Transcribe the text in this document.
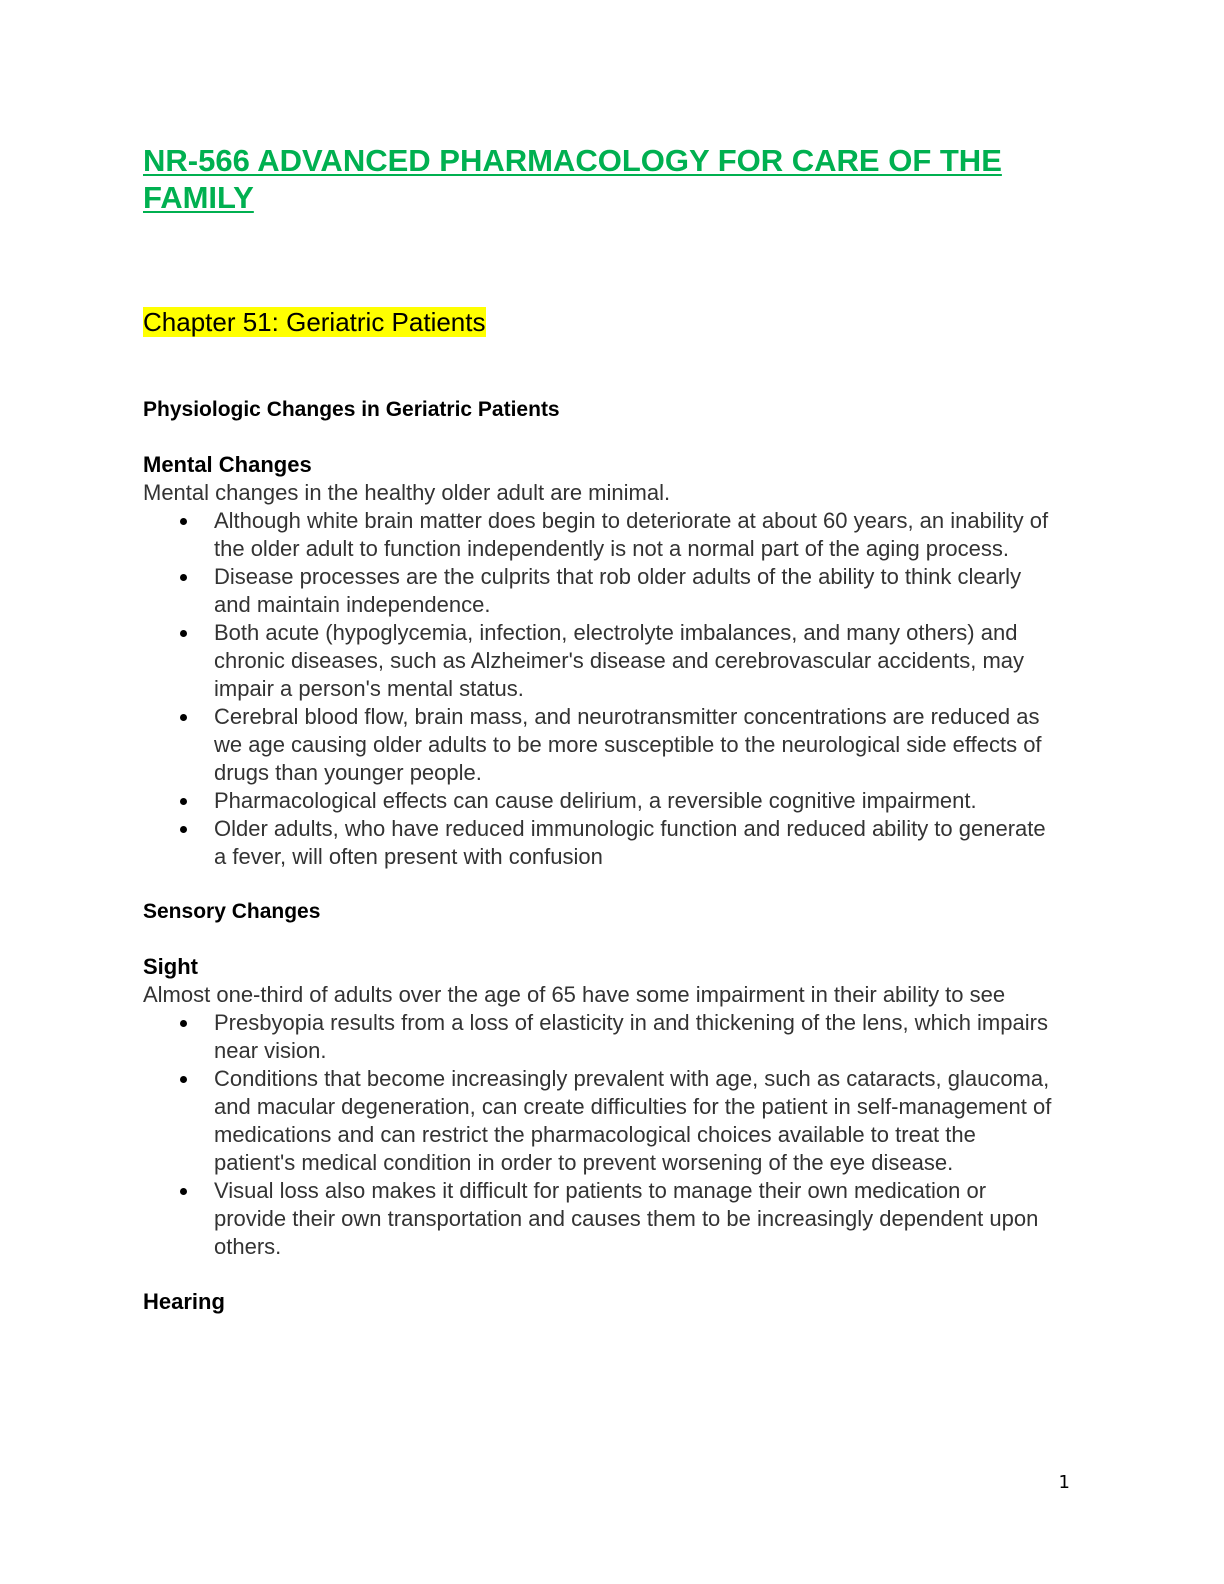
NR-566 ADVANCED PHARMACOLOGY FOR CARE OF THE FAMILY
Chapter 51: Geriatric Patients
Physiologic Changes in Geriatric Patients
Mental Changes

Mental changes in the healthy older adult are minimal.

Although white brain matter does begin to deteriorate at about 60 years, an inability of the older adult to function independently is not a normal part of the aging process.
Disease processes are the culprits that rob older adults of the ability to think clearly and maintain independence.
Both acute (hypoglycemia, infection, electrolyte imbalances, and many others) and chronic diseases, such as Alzheimer's disease and cerebrovascular accidents, may impair a person's mental status.
Cerebral blood flow, brain mass, and neurotransmitter concentrations are reduced as we age causing older adults to be more susceptible to the neurological side effects of drugs than younger people.
Pharmacological effects can cause delirium, a reversible cognitive impairment.
Older adults, who have reduced immunologic function and reduced ability to generate a fever, will often present with confusion
Sensory Changes
Sight

Almost one-third of adults over the age of 65 have some impairment in their ability to see

Presbyopia results from a loss of elasticity in and thickening of the lens, which impairs near vision.
Conditions that become increasingly prevalent with age, such as cataracts, glaucoma, and macular degeneration, can create difficulties for the patient in self-management of medications and can restrict the pharmacological choices available to treat the patient's medical condition in order to prevent worsening of the eye disease.
Visual loss also makes it difficult for patients to manage their own medication or provide their own transportation and causes them to be increasingly dependent upon others.
Hearing
1
